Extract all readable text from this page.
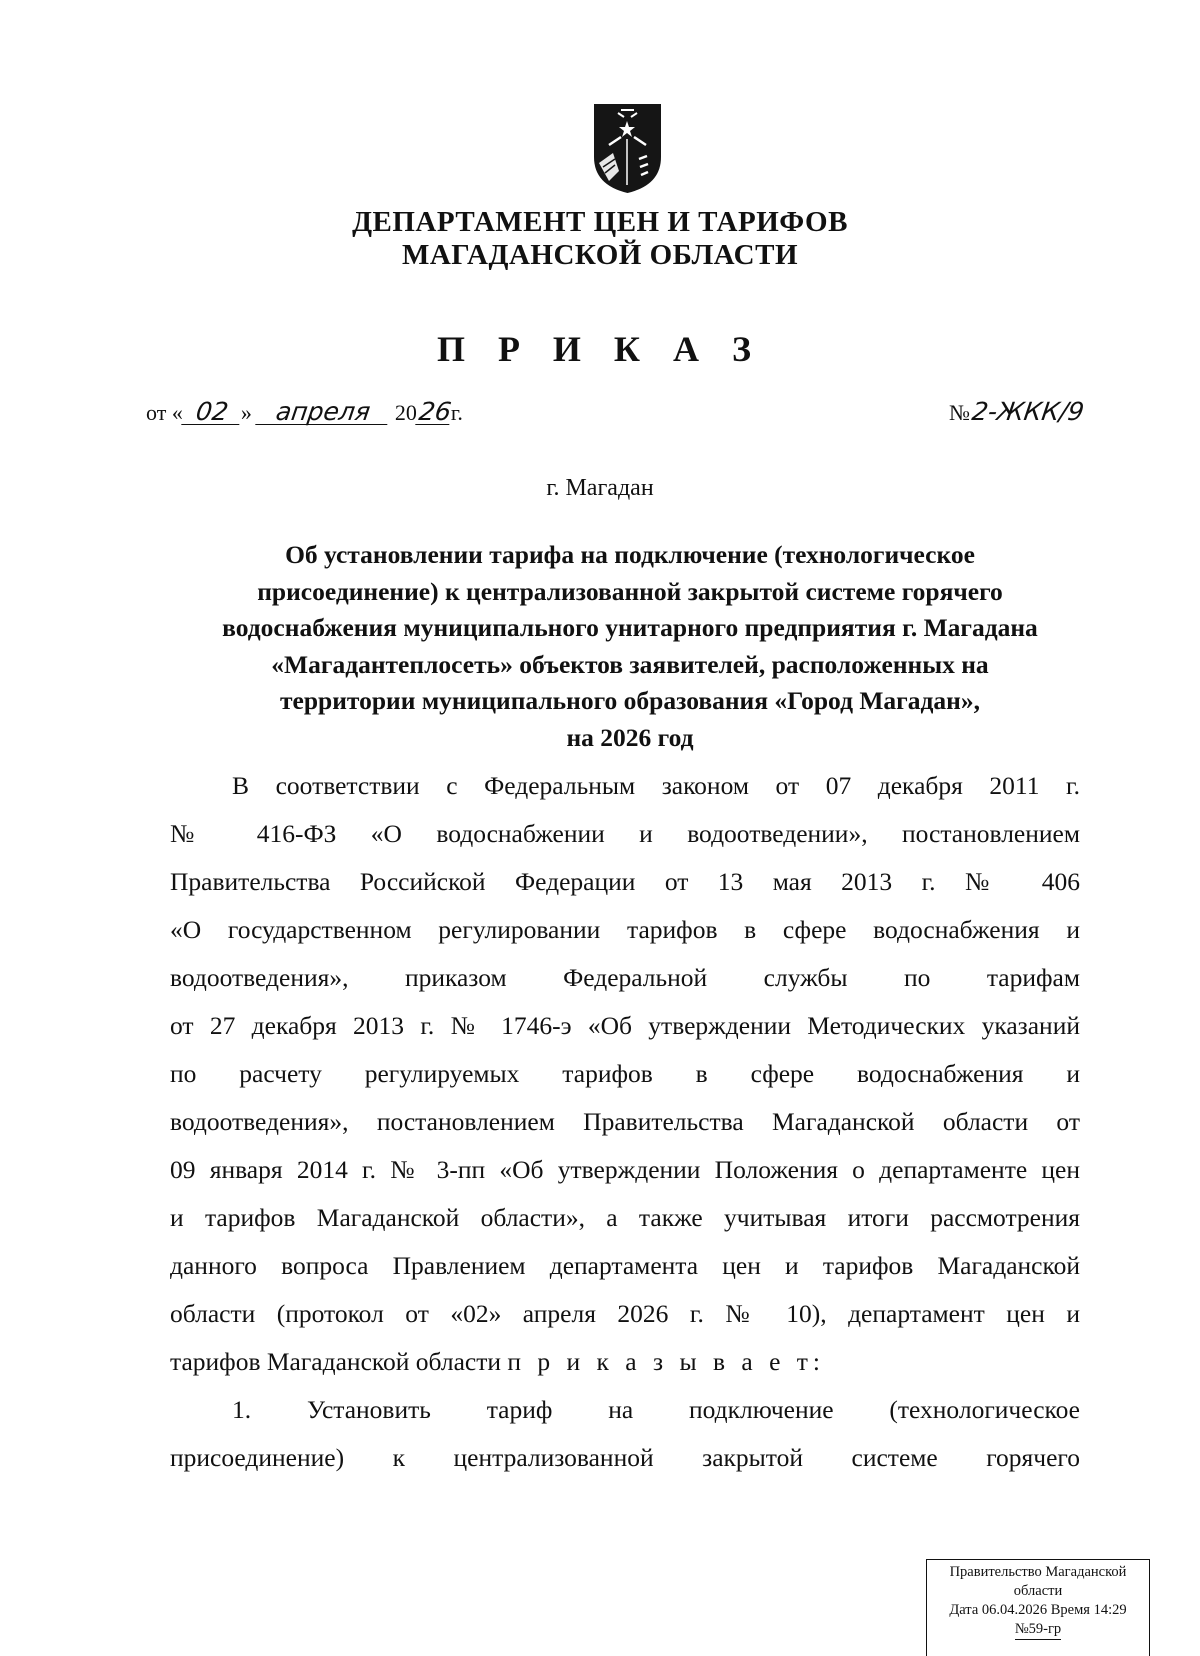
ДЕПАРТАМЕНТ ЦЕН И ТАРИФОВ
МАГАДАНСКОЙ ОБЛАСТИ
П Р И К А З
от « 02 » апреля 2026г.	№2-ЖКК/9
г. Магадан
Об установлении тарифа на подключение (технологическое
присоединение) к централизованной закрытой системе горячего
водоснабжения муниципального унитарного предприятия г. Магадана
«Магадантеплосеть» объектов заявителей, расположенных на
территории муниципального образования «Город Магадан»,
на 2026 год
В соответствии с Федеральным законом от 07 декабря 2011 г.
№ 416-ФЗ «О водоснабжении и водоотведении», постановлением
Правительства Российской Федерации от 13 мая 2013 г. № 406
«О государственном регулировании тарифов в сфере водоснабжения и
водоотведения», приказом Федеральной службы по тарифам
от 27 декабря 2013 г. № 1746-э «Об утверждении Методических указаний
по расчету регулируемых тарифов в сфере водоснабжения и
водоотведения», постановлением Правительства Магаданской области от
09 января 2014 г. № 3-пп «Об утверждении Положения о департаменте цен
и тарифов Магаданской области», а также учитывая итоги рассмотрения
данного вопроса Правлением департамента цен и тарифов Магаданской
области (протокол от «02» апреля 2026 г. № 10), департамент цен и
тарифов Магаданской области п р и к а з ы в а е т:
1. Установить тариф на подключение (технологическое
присоединение) к централизованной закрытой системе горячего
Правительство Магаданской
области
Дата 06.04.2026 Время 14:29
№59-гр
